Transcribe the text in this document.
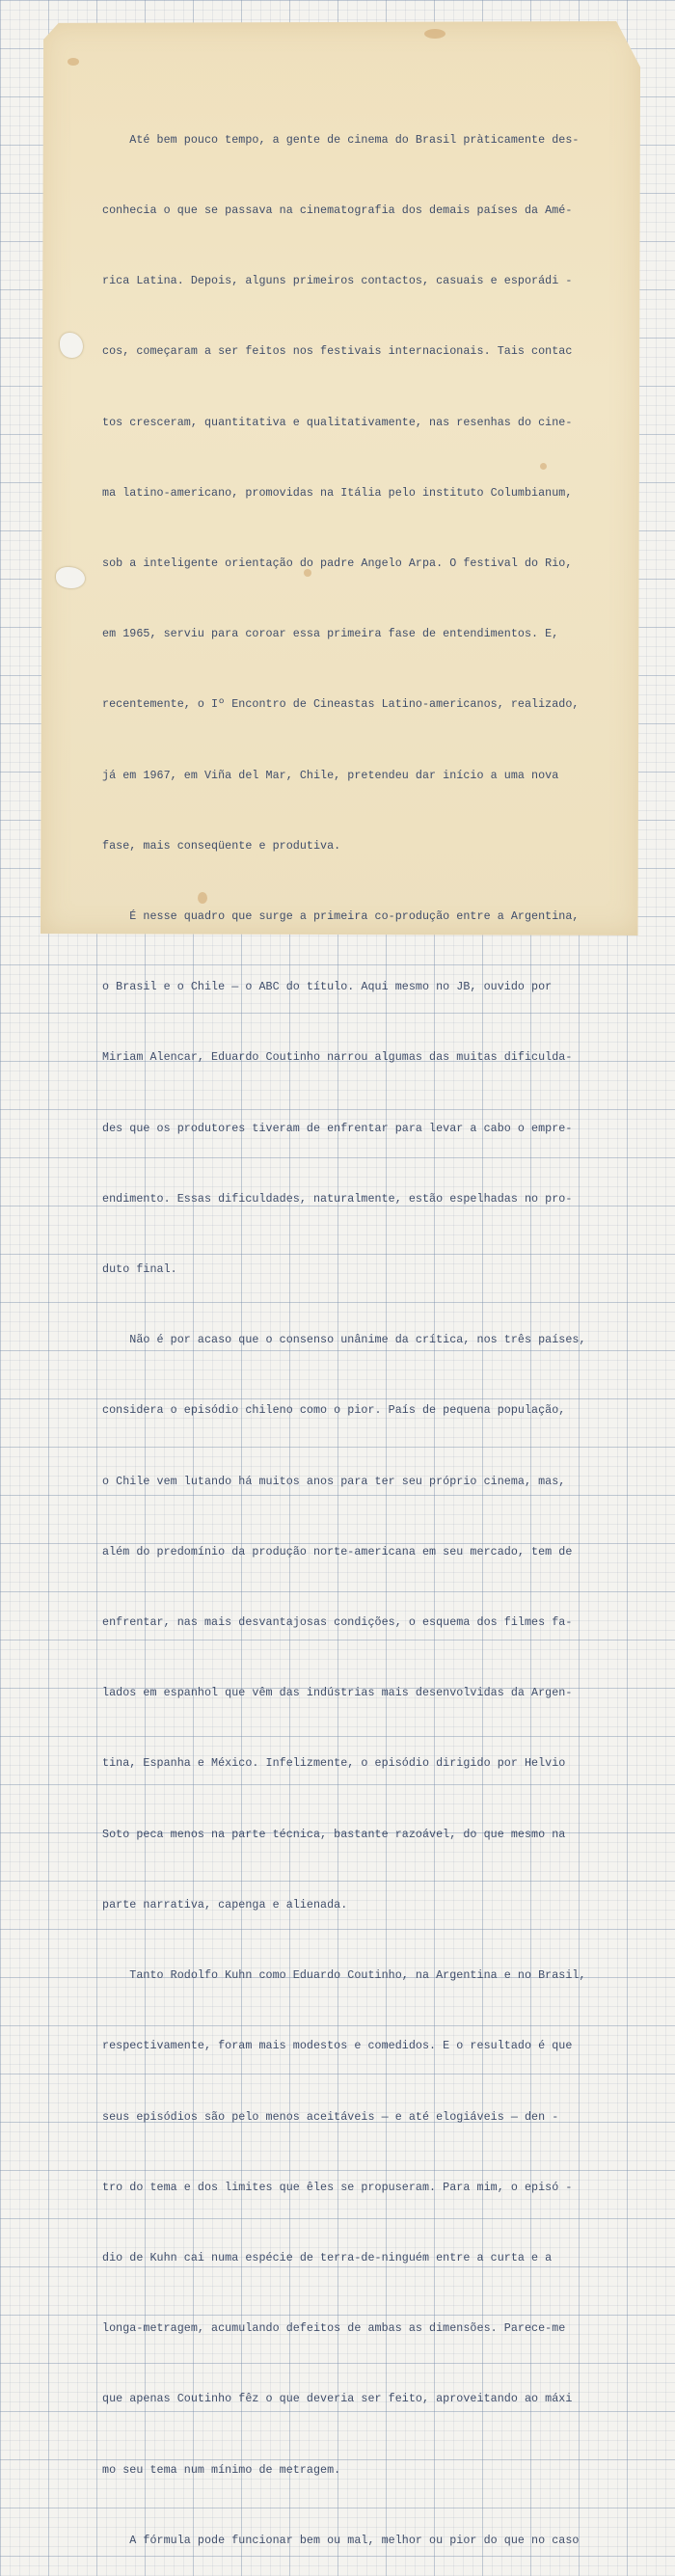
Até bem pouco tempo, a gente de cinema do Brasil pràticamente des-

conhecia o que se passava na cinematografia dos demais países da Amé-

rica Latina. Depois, alguns primeiros contactos, casuais e esporádi -

cos, começaram a ser feitos nos festivais internacionais. Tais contac

tos cresceram, quantitativa e qualitativamente, nas resenhas do cine-

ma latino-americano, promovidas na Itália pelo instituto Columbianum,

sob a inteligente orientação do padre Angelo Arpa. O festival do Rio,

em 1965, serviu para coroar essa primeira fase de entendimentos. E,

recentemente, o Iº Encontro de Cineastas Latino-americanos, realizado,

já em 1967, em Viña del Mar, Chile, pretendeu dar início a uma nova

fase, mais conseqüente e produtiva.

É nesse quadro que surge a primeira co-produção entre a Argentina,

o Brasil e o Chile — o ABC do título. Aqui mesmo no JB, ouvido por

Miriam Alencar, Eduardo Coutinho narrou algumas das muitas dificulda-

des que os produtores tiveram de enfrentar para levar a cabo o empre-

endimento. Essas dificuldades, naturalmente, estão espelhadas no pro-

duto final.

Não é por acaso que o consenso unânime da crítica, nos três países,

considera o episódio chileno como o pior. País de pequena população,

o Chile vem lutando há muitos anos para ter seu próprio cinema, mas,

além do predomínio da produção norte-americana em seu mercado, tem de

enfrentar, nas mais desvantajosas condições, o esquema dos filmes fa-

lados em espanhol que vêm das indústrias mais desenvolvidas da Argen-

tina, Espanha e México. Infelizmente, o episódio dirigido por Helvio

Soto peca menos na parte técnica, bastante razoável, do que mesmo na

parte narrativa, capenga e alienada.

Tanto Rodolfo Kuhn como Eduardo Coutinho, na Argentina e no Brasil,

respectivamente, foram mais modestos e comedidos. E o resultado é que

seus episódios são pelo menos aceitáveis — e até elogiáveis — den -

tro do tema e dos limites que êles se propuseram. Para mim, o episó -

dio de Kuhn cai numa espécie de terra-de-ninguém entre a curta e a

longa-metragem, acumulando defeitos de ambas as dimensões. Parece-me

que apenas Coutinho fêz o que deveria ser feito, aproveitando ao máxi

mo seu tema num mínimo de metragem.

A fórmula pode funcionar bem ou mal, melhor ou pior do que no caso
